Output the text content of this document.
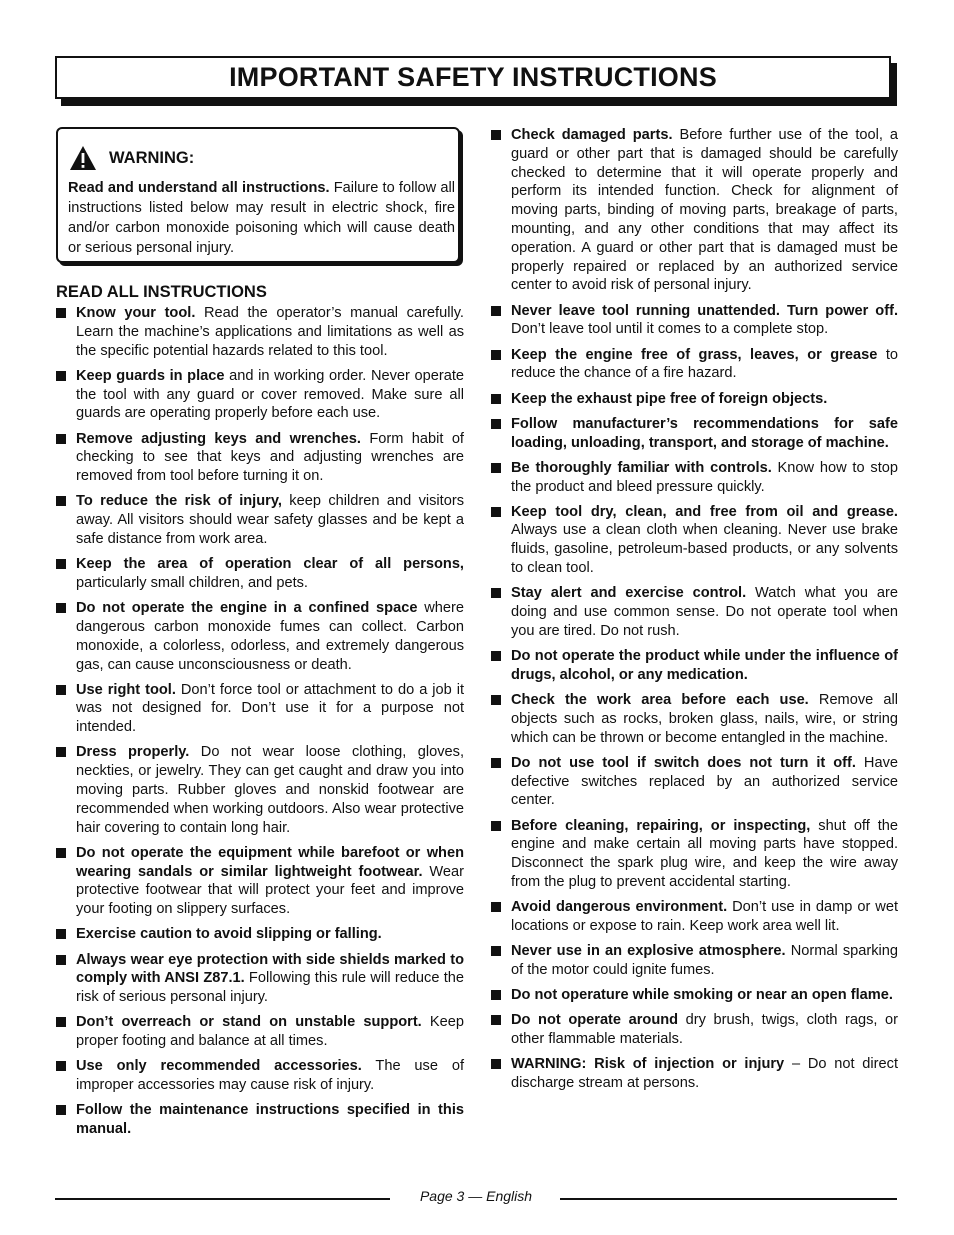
IMPORTANT SAFETY INSTRUCTIONS
WARNING:
Read and understand all instructions. Failure to follow all instructions listed below may result in electric shock, fire and/or carbon monoxide poisoning which will cause death or serious personal injury.
READ ALL INSTRUCTIONS
Know your tool. Read the operator’s manual carefully. Learn the machine’s applications and limitations as well as the specific potential hazards related to this tool.
Keep guards in place and in working order. Never operate the tool with any guard or cover removed. Make sure all guards are operating properly before each use.
Remove adjusting keys and wrenches. Form habit of checking to see that keys and adjusting wrenches are removed from tool before turning it on.
To reduce the risk of injury, keep children and visitors away. All visitors should wear safety glasses and be kept a safe distance from work area.
Keep the area of operation clear of all persons, particularly small children, and pets.
Do not operate the engine in a confined space where dangerous carbon monoxide fumes can collect. Carbon monoxide, a colorless, odorless, and extremely dangerous gas, can cause unconsciousness or death.
Use right tool. Don’t force tool or attachment to do a job it was not designed for. Don’t use it for a purpose not intended.
Dress properly. Do not wear loose clothing, gloves, neckties, or jewelry. They can get caught and draw you into moving parts. Rubber gloves and nonskid footwear are recommended when working outdoors. Also wear protective hair covering to contain long hair.
Do not operate the equipment while barefoot or when wearing sandals or similar lightweight footwear. Wear protective footwear that will protect your feet and improve your footing on slippery surfaces.
Exercise caution to avoid slipping or falling.
Always wear eye protection with side shields marked to comply with ANSI Z87.1. Following this rule will reduce the risk of serious personal injury.
Don’t overreach or stand on unstable support. Keep proper footing and balance at all times.
Use only recommended accessories. The use of improper accessories may cause risk of injury.
Follow the maintenance instructions specified in this manual.
Check damaged parts. Before further use of the tool, a guard or other part that is damaged should be carefully checked to determine that it will operate properly and perform its intended function. Check for alignment of moving parts, binding of moving parts, breakage of parts, mounting, and any other conditions that may affect its operation. A guard or other part that is damaged must be properly repaired or replaced by an authorized service center to avoid risk of personal injury.
Never leave tool running unattended. Turn power off. Don’t leave tool until it comes to a complete stop.
Keep the engine free of grass, leaves, or grease to reduce the chance of a fire hazard.
Keep the exhaust pipe free of foreign objects.
Follow manufacturer’s recommendations for safe loading, unloading, transport, and storage of machine.
Be thoroughly familiar with controls. Know how to stop the product and bleed pressure quickly.
Keep tool dry, clean, and free from oil and grease. Always use a clean cloth when cleaning. Never use brake fluids, gasoline, petroleum-based products, or any solvents to clean tool.
Stay alert and exercise control. Watch what you are doing and use common sense. Do not operate tool when you are tired. Do not rush.
Do not operate the product while under the influence of drugs, alcohol, or any medication.
Check the work area before each use. Remove all objects such as rocks, broken glass, nails, wire, or string which can be thrown or become entangled in the machine.
Do not use tool if switch does not turn it off. Have defective switches replaced by an authorized service center.
Before cleaning, repairing, or inspecting, shut off the engine and make certain all moving parts have stopped. Disconnect the spark plug wire, and keep the wire away from the plug to prevent accidental starting.
Avoid dangerous environment. Don’t use in damp or wet locations or expose to rain. Keep work area well lit.
Never use in an explosive atmosphere. Normal sparking of the motor could ignite fumes.
Do not operature while smoking or near an open flame.
Do not operate around dry brush, twigs, cloth rags, or other flammable materials.
WARNING: Risk of injection or injury – Do not direct discharge stream at persons.
Page 3 — English
